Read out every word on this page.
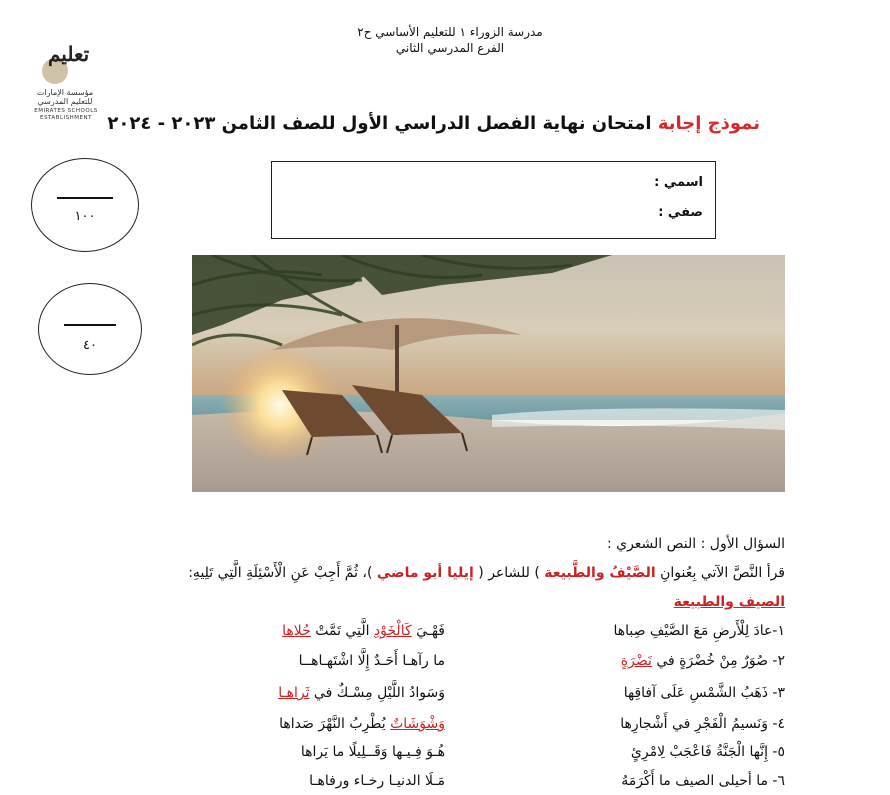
مدرسة الزوراء ١ للتعليم الأساسي ح٢
الفرع المدرسي الثاني
تعليم
مؤسسة الإمارات للتعليم المدرسي
EMIRATES SCHOOLS
ESTABLISHMENT	نموذج إجابة امتحان نهاية الفصل الدراسي الأول للصف الثامن ٢٠٢٣ - ٢٠٢٤
١٠٠
٤٠
اسمي :
صفي :
السؤال الأول : النص الشعري :
قرأ النَّصَّ الآتي بِعُنوانِ الصَّيْفُ والطَّبيعة ) للشاعر ( إيليا أبو ماضي )، ثُمَّ أَجِبْ عَنِ الْأَسْئِلَةِ الَّتِي تَلِيهِ:
الصيف والطبيعة
١-عادَ لِلْأَرضِ مَعَ الصَّيْفِ صِباها
فَهْـيَ كَالْخَوْدِ الَّتِي تَمَّتْ حُلاها
٢- صُوَرٌ مِنْ خُضْرَةٍ في نَضْرَةٍ
ما رآهـا أَحَـدٌ إِلَّا اشْتَهـاهــا
٣- ذَهَبُ الشَّمْسِ عَلَى آفاقِها
وَسَوادُ اللَّيْلِ مِسْـكٌ في ثَراهـا
٤- وَنَسيمُ الْفَجْرِ في أَشْجارِها
وَشْوَشَاتٌ يُطْرِبُ النَّهْرَ صَداها
٥- إِنَّها الْجَنَّةُ فَاعْجَبْ لِامْرِئٍ
هُـوَ فِـيـها وَقَــلِيلًا ما يَراها
٦- ما أحيلى الصيف ما أَكْرَمَهُ
مَـلَا الدنيـا رخـاء ورفاهـا
